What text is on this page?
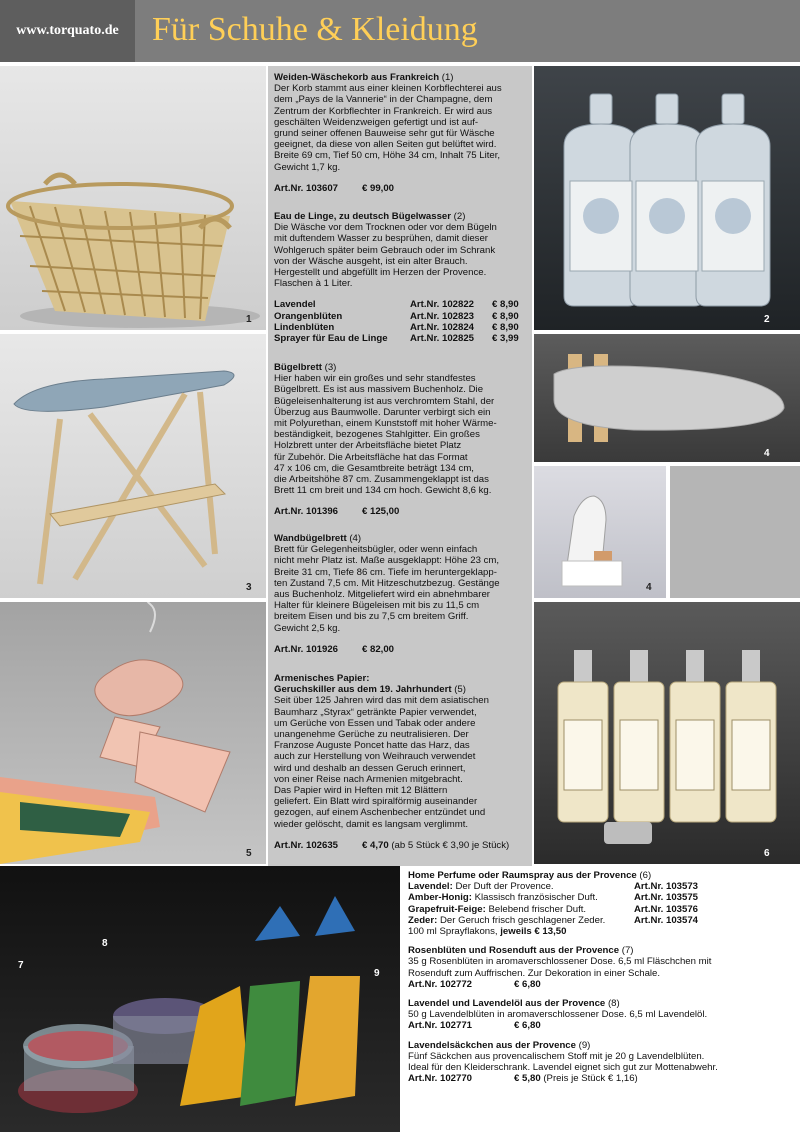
www.torquato.de Für Schuhe & Kleidung
1	2
3
4
4
5	6
7
8
9
Weiden-Wäschekorb aus Frankreich (1)
Der Korb stammt aus einer kleinen Korbflechterei aus
dem „Pays de la Vannerie“ in der Champagne, dem
Zentrum der Korbflechter in Frankreich. Er wird aus
geschälten Weidenzweigen gefertigt und ist auf-
grund seiner offenen Bauweise sehr gut für Wäsche
geeignet, da diese von allen Seiten gut belüftet wird.
Breite 69 cm, Tief 50 cm, Höhe 34 cm, Inhalt 75 Liter,
Gewicht 1,7 kg.
Art.Nr. 103607	€ 99,00
Eau de Linge, zu deutsch Bügelwasser (2)
Die Wäsche vor dem Trocknen oder vor dem Bügeln
mit duftendem Wasser zu besprühen, damit dieser
Wohlgeruch später beim Gebrauch oder im Schrank
von der Wäsche ausgeht, ist ein alter Brauch.
Hergestellt und abgefüllt im Herzen der Provence.
Flaschen à 1 Liter.
Lavendel	Art.Nr. 102822	€ 8,90
Orangenblüten	Art.Nr. 102823	€ 8,90
Lindenblüten	Art.Nr. 102824	€ 8,90
Sprayer für Eau de Linge	Art.Nr. 102825	€ 3,99
Bügelbrett (3)
Hier haben wir ein großes und sehr standfestes
Bügelbrett. Es ist aus massivem Buchenholz. Die
Bügeleisenhalterung ist aus verchromtem Stahl, der
Überzug aus Baumwolle. Darunter verbirgt sich ein
mit Polyurethan, einem Kunststoff mit hoher Wärme-
beständigkeit, bezogenes Stahlgitter. Ein großes
Holzbrett unter der Arbeitsfläche bietet Platz
für Zubehör. Die Arbeitsfläche hat das Format
47 x 106 cm, die Gesamtbreite beträgt 134 cm,
die Arbeitshöhe 87 cm. Zusammengeklappt ist das
Brett 11 cm breit und 134 cm hoch. Gewicht 8,6 kg.
Art.Nr. 101396	€ 125,00
Wandbügelbrett (4)
Brett für Gelegenheitsbügler, oder wenn einfach
nicht mehr Platz ist. Maße ausgeklappt: Höhe 23 cm,
Breite 31 cm, Tiefe 86 cm. Tiefe im heruntergeklapp-
ten Zustand 7,5 cm. Mit Hitzeschutzbezug. Gestänge
aus Buchenholz. Mitgeliefert wird ein abnehmbarer
Halter für kleinere Bügeleisen mit bis zu 11,5 cm
breitem Eisen und bis zu 7,5 cm breitem Griff.
Gewicht 2,5 kg.
Art.Nr. 101926	€ 82,00
Armenisches Papier:
Geruchskiller aus dem 19. Jahrhundert (5)
Seit über 125 Jahren wird das mit dem asiatischen
Baumharz „Styrax“ getränkte Papier verwendet,
um Gerüche von Essen und Tabak oder andere
unangenehme Gerüche zu neutralisieren. Der
Franzose Auguste Poncet hatte das Harz, das
auch zur Herstellung von Weihrauch verwendet
wird und deshalb an dessen Geruch erinnert,
von einer Reise nach Armenien mitgebracht.
Das Papier wird in Heften mit 12 Blättern
geliefert. Ein Blatt wird spiralförmig auseinander
gezogen, auf einem Aschenbecher entzündet und
wieder gelöscht, damit es langsam verglimmt.
Art.Nr. 102635	€ 4,70 (ab 5 Stück € 3,90 je Stück)
Home Perfume oder Raumspray aus der Provence (6)
Lavendel: Der Duft der Provence.	Art.Nr. 103573
Amber-Honig: Klassisch französischer Duft.	Art.Nr. 103575
Grapefruit-Feige: Belebend frischer Duft.	Art.Nr. 103576
Zeder: Der Geruch frisch geschlagener Zeder.	Art.Nr. 103574
100 ml Sprayflakons, jeweils € 13,50
Rosenblüten und Rosenduft aus der Provence (7)
35 g Rosenblüten in aromaverschlossener Dose. 6,5 ml Fläschchen mit
Rosenduft zum Auffrischen. Zur Dekoration in einer Schale.
Art.Nr. 102772	€ 6,80
Lavendel und Lavendelöl aus der Provence (8)
50 g Lavendelblüten in aromaverschlossener Dose. 6,5 ml Lavendelöl.
Art.Nr. 102771	€ 6,80
Lavendelsäckchen aus der Provence (9)
Fünf Säckchen aus provencalischem Stoff mit je 20 g Lavendelblüten.
Ideal für den Kleiderschrank. Lavendel eignet sich gut zur Mottenabwehr.
Art.Nr. 102770	€ 5,80 (Preis je Stück € 1,16)
